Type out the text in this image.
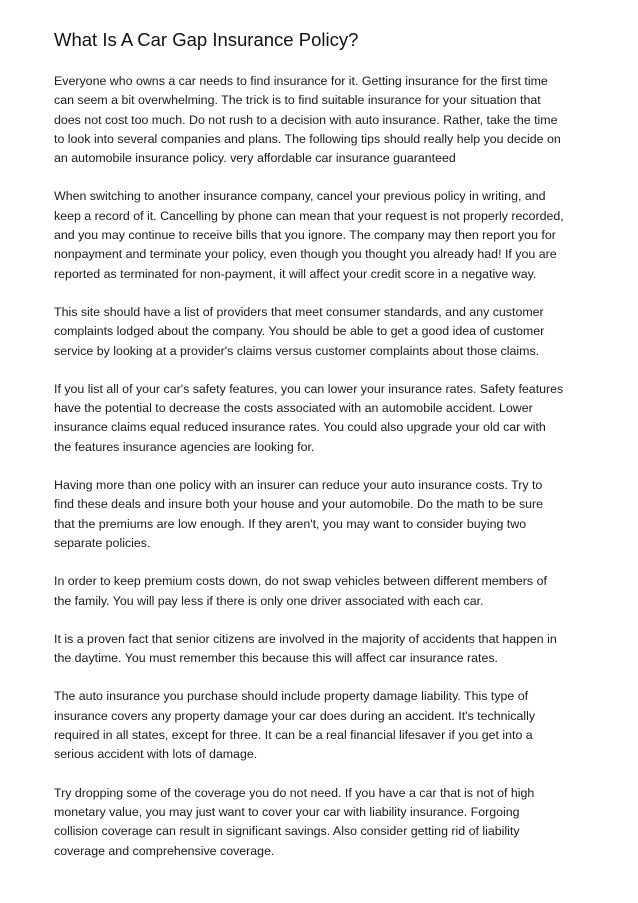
What Is A Car Gap Insurance Policy?

Everyone who owns a car needs to find insurance for it. Getting insurance for the first time
can seem a bit overwhelming. The trick is to find suitable insurance for your situation that
does not cost too much. Do not rush to a decision with auto insurance. Rather, take the time
to look into several companies and plans. The following tips should really help you decide on
an automobile insurance policy. very affordable car insurance guaranteed

When switching to another insurance company, cancel your previous policy in writing, and
keep a record of it. Cancelling by phone can mean that your request is not properly recorded,
and you may continue to receive bills that you ignore. The company may then report you for
nonpayment and terminate your policy, even though you thought you already had! If you are
reported as terminated for non-payment, it will affect your credit score in a negative way.

This site should have a list of providers that meet consumer standards, and any customer
complaints lodged about the company. You should be able to get a good idea of customer
service by looking at a provider's claims versus customer complaints about those claims.

If you list all of your car's safety features, you can lower your insurance rates. Safety features
have the potential to decrease the costs associated with an automobile accident. Lower
insurance claims equal reduced insurance rates. You could also upgrade your old car with
the features insurance agencies are looking for.

Having more than one policy with an insurer can reduce your auto insurance costs. Try to
find these deals and insure both your house and your automobile. Do the math to be sure
that the premiums are low enough. If they aren't, you may want to consider buying two
separate policies.

In order to keep premium costs down, do not swap vehicles between different members of
the family. You will pay less if there is only one driver associated with each car.

It is a proven fact that senior citizens are involved in the majority of accidents that happen in
the daytime. You must remember this because this will affect car insurance rates.

The auto insurance you purchase should include property damage liability. This type of
insurance covers any property damage your car does during an accident. It's technically
required in all states, except for three. It can be a real financial lifesaver if you get into a
serious accident with lots of damage.

Try dropping some of the coverage you do not need. If you have a car that is not of high
monetary value, you may just want to cover your car with liability insurance. Forgoing
collision coverage can result in significant savings. Also consider getting rid of liability
coverage and comprehensive coverage.
